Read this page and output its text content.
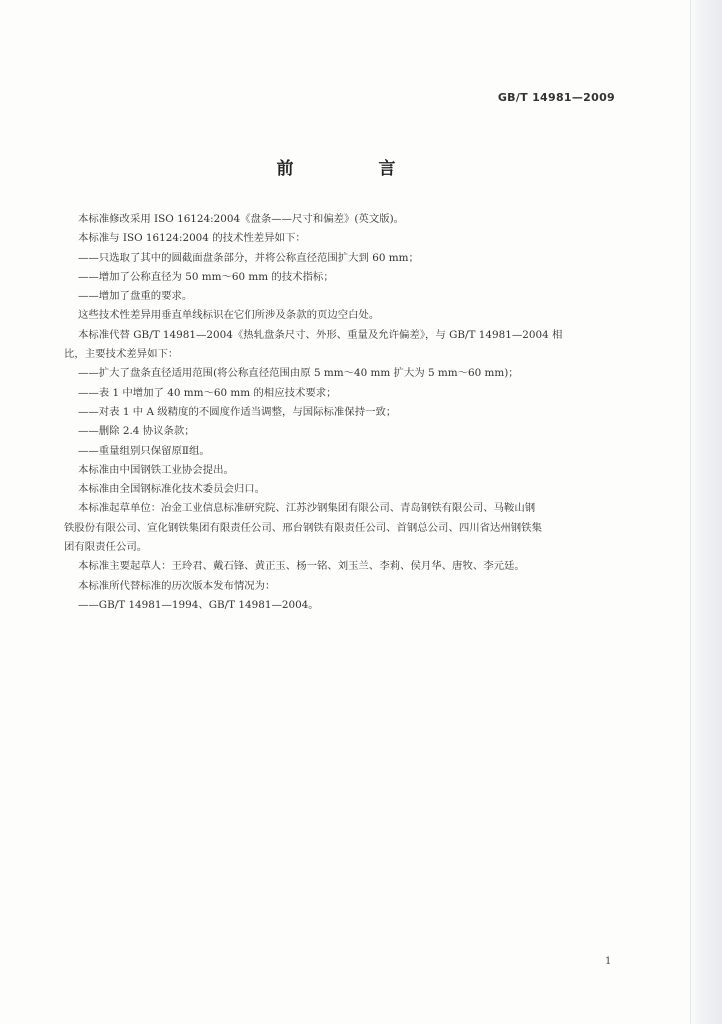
GB/T 14981—2009
前　言
本标准修改采用 ISO 16124:2004《盘条——尺寸和偏差》(英文版)。
本标准与 ISO 16124:2004 的技术性差异如下：
——只选取了其中的圆截面盘条部分，并将公称直径范围扩大到 60 mm；
——增加了公称直径为 50 mm～60 mm 的技术指标；
——增加了盘重的要求。
这些技术性差异用垂直单线标识在它们所涉及条款的页边空白处。
本标准代替 GB/T 14981—2004《热轧盘条尺寸、外形、重量及允许偏差》，与 GB/T 14981—2004 相
比，主要技术差异如下：
——扩大了盘条直径适用范围(将公称直径范围由原 5 mm～40 mm 扩大为 5 mm～60 mm)；
——表 1 中增加了 40 mm～60 mm 的相应技术要求；
——对表 1 中 A 级精度的不圆度作适当调整，与国际标准保持一致；
——删除 2.4 协议条款；
——重量组别只保留原Ⅱ组。
本标准由中国钢铁工业协会提出。
本标准由全国钢标准化技术委员会归口。
本标准起草单位：冶金工业信息标准研究院、江苏沙钢集团有限公司、青岛钢铁有限公司、马鞍山钢
铁股份有限公司、宣化钢铁集团有限责任公司、邢台钢铁有限责任公司、首钢总公司、四川省达州钢铁集
团有限责任公司。
本标准主要起草人：王玲君、戴石锋、黄正玉、杨一铭、刘玉兰、李莉、侯月华、唐牧、李元廷。
本标准所代替标准的历次版本发布情况为：
——GB/T 14981—1994、GB/T 14981—2004。
1
